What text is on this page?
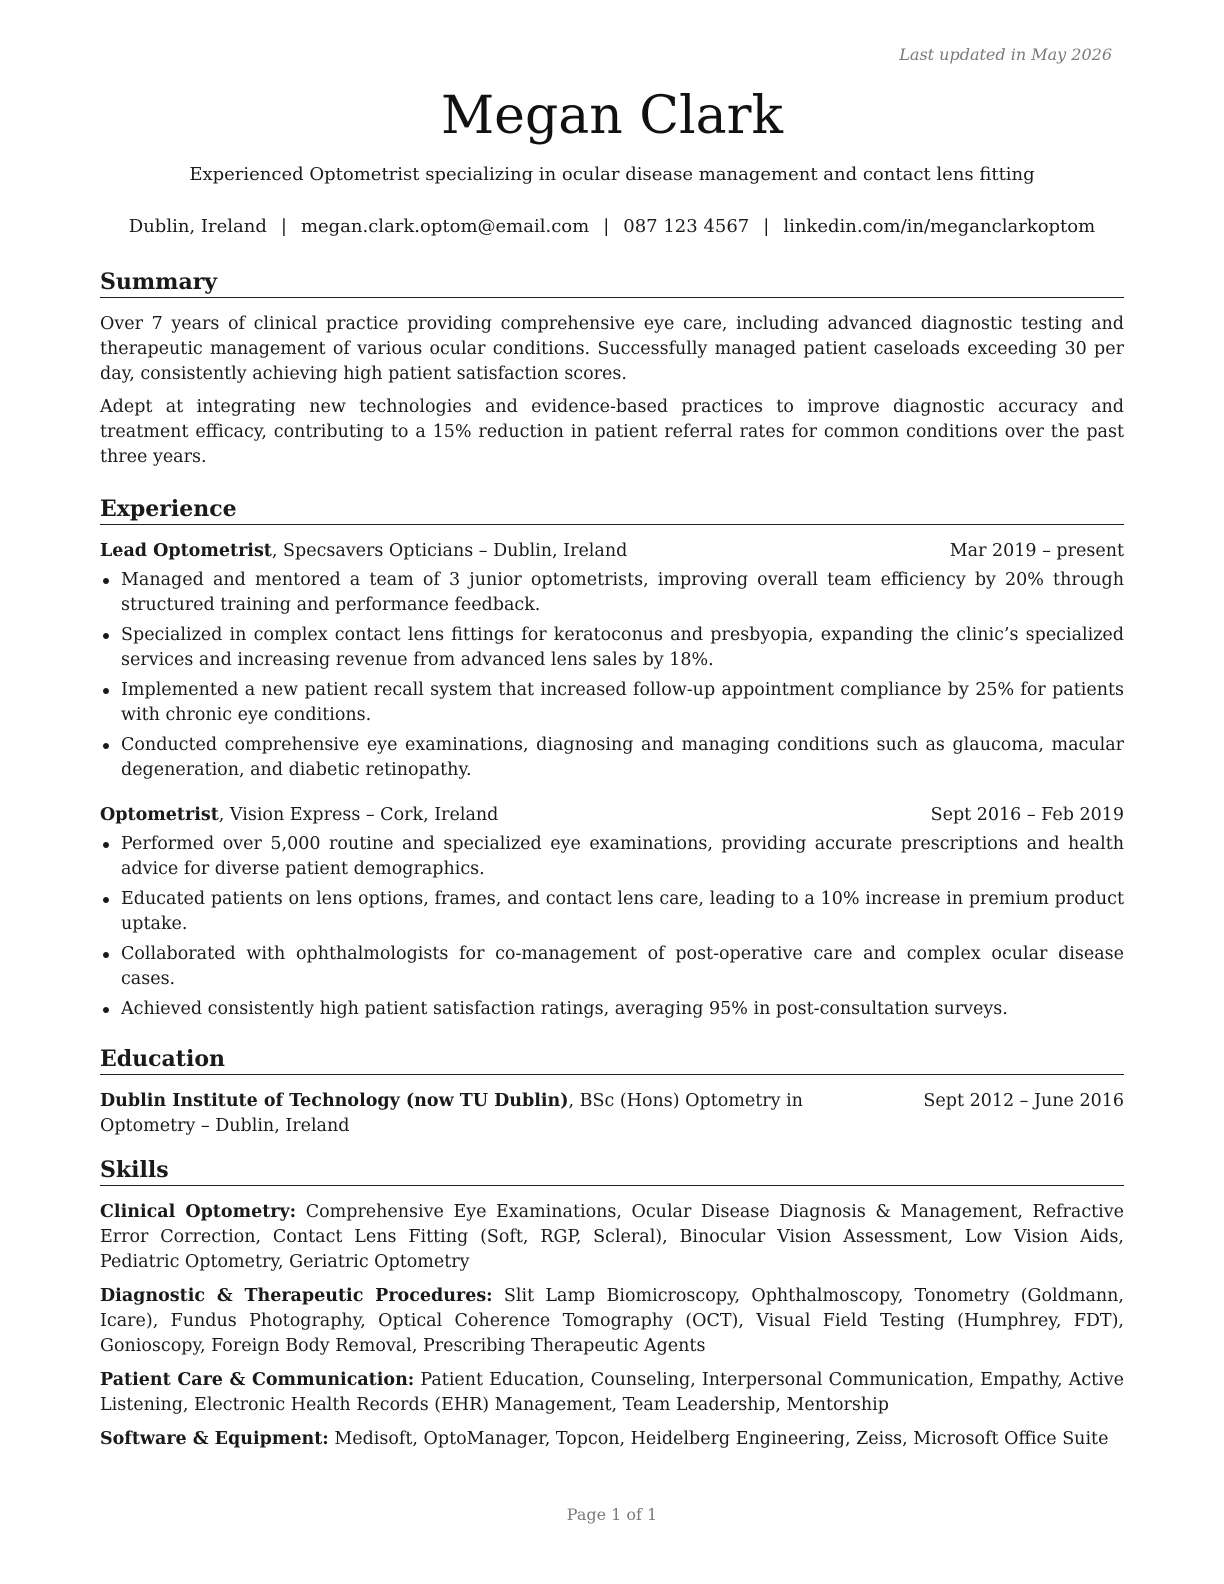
Last updated in May 2026
Megan Clark
Experienced Optometrist specializing in ocular disease management and contact lens fitting
Dublin, Ireland | megan.clark.optom@email.com | 087 123 4567 | linkedin.com/in/meganclarkoptom
Summary

Over 7 years of clinical practice providing comprehensive eye care, including advanced diagnostic testing and therapeutic management of various ocular conditions. Successfully managed patient caseloads exceeding 30 per day, consistently achieving high patient satisfaction scores.

Adept at integrating new technologies and evidence-based practices to improve diagnostic accuracy and treatment efficacy, contributing to a 15% reduction in patient referral rates for common conditions over the past three years.

Experience
Lead Optometrist, Specsavers Opticians – Dublin, Ireland	Mar 2019 – present
Managed and mentored a team of 3 junior optometrists, improving overall team efficiency by 20% through structured training and performance feedback.
Specialized in complex contact lens fittings for keratoconus and presbyopia, expanding the clinic’s specialized services and increasing revenue from advanced lens sales by 18%.
Implemented a new patient recall system that increased follow-up appointment compliance by 25% for patients with chronic eye conditions.
Conducted comprehensive eye examinations, diagnosing and managing conditions such as glaucoma, macular degeneration, and diabetic retinopathy.
Optometrist, Vision Express – Cork, Ireland	Sept 2016 – Feb 2019
Performed over 5,000 routine and specialized eye examinations, providing accurate prescriptions and health advice for diverse patient demographics.
Educated patients on lens options, frames, and contact lens care, leading to a 10% increase in premium product uptake.
Collaborated with ophthalmologists for co-management of post-operative care and complex ocular disease cases.
Achieved consistently high patient satisfaction ratings, averaging 95% in post-consultation surveys.
Education
Dublin Institute of Technology (now TU Dublin), BSc (Hons) Optometry in Optometry – Dublin, Ireland
Sept 2012 – June 2016
Skills

Clinical Optometry: Comprehensive Eye Examinations, Ocular Disease Diagnosis & Management, Refractive Error Correction, Contact Lens Fitting (Soft, RGP, Scleral), Binocular Vision Assessment, Low Vision Aids, Pediatric Optometry, Geriatric Optometry

Diagnostic & Therapeutic Procedures: Slit Lamp Biomicroscopy, Ophthalmoscopy, Tonometry (Goldmann, Icare), Fundus Photography, Optical Coherence Tomography (OCT), Visual Field Testing (Humphrey, FDT), Gonioscopy, Foreign Body Removal, Prescribing Therapeutic Agents

Patient Care & Communication: Patient Education, Counseling, Interpersonal Communication, Empathy, Active Listening, Electronic Health Records (EHR) Management, Team Leadership, Mentorship

Software & Equipment: Medisoft, OptoManager, Topcon, Heidelberg Engineering, Zeiss, Microsoft Office Suite

Page 1 of 1
